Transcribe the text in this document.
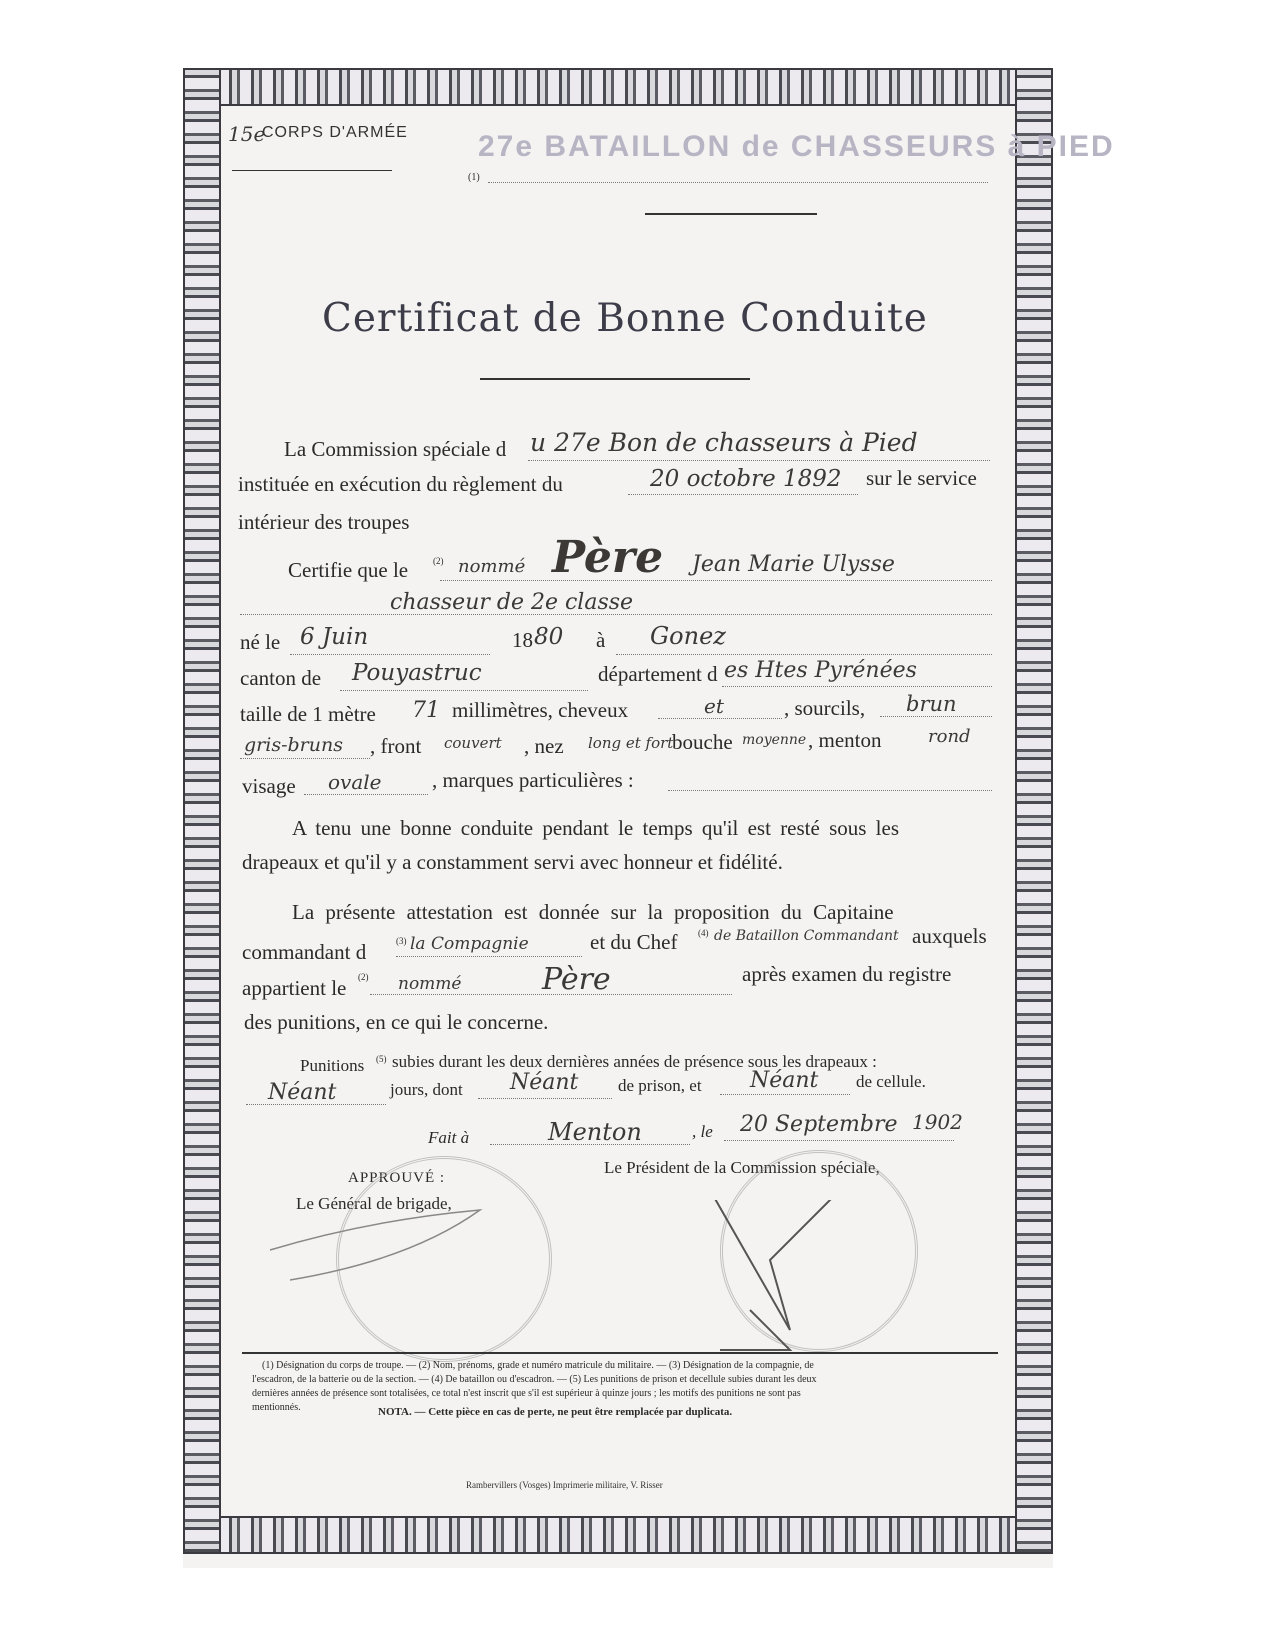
15e
CORPS D'ARMÉE 27e BATAILLON de CHASSEURS à PIED
(1)
Certificat de Bonne Conduite
La Commission spéciale d u 27e Bon de chasseurs à Pied
instituée en exécution du règlement du	20 octobre 1892 sur le service
intérieur des troupes
Certifie que le	(2) nommé Père Jean Marie Ulysse
chasseur de 2e classe
né le 6 Juin	18 80 à Gonez
canton de Pouyastruc	département d es Htes Pyrénées
taille de 1 mètre 71 millimètres, cheveux	et	, sourcils, brun
gris-bruns , front couvert , nez long et fort
bouche moyenne , menton	rond
visage ovale , marques particulières :
A tenu une bonne conduite pendant le temps qu'il est resté sous les
drapeaux et qu'il y a constamment servi avec honneur et fidélité.
La présente attestation est donnée sur la proposition du Capitaine
commandant d	(3) la Compagnie	et du Chef (4) de Bataillon Commandant auxquels
appartient le (2) nommé	Père	après examen du registre
des punitions, en ce qui le concerne.
Punitions (5) subies durant les deux dernières années de présence sous les drapeaux :
Néant	jours, dont Néant de prison, et Néant de cellule.
Fait à	Menton	, le 20 Septembre 1902
Le Président de la Commission spéciale,
APPROUVÉ :
Le Général de brigade,
(1) Désignation du corps de troupe. — (2) Nom, prénoms, grade et numéro matricule du militaire. — (3) Désignation de la compagnie, de
l'escadron, de la batterie ou de la section. — (4) De bataillon ou d'escadron. — (5) Les punitions de prison et decellule subies durant les deux
dernières années de présence sont totalisées, ce total n'est inscrit que s'il est supérieur à quinze jours ; les motifs des punitions ne sont pas
mentionnés.	NOTA. — Cette pièce en cas de perte, ne peut être remplacée par duplicata.
Rambervillers (Vosges) Imprimerie militaire, V. Risser
